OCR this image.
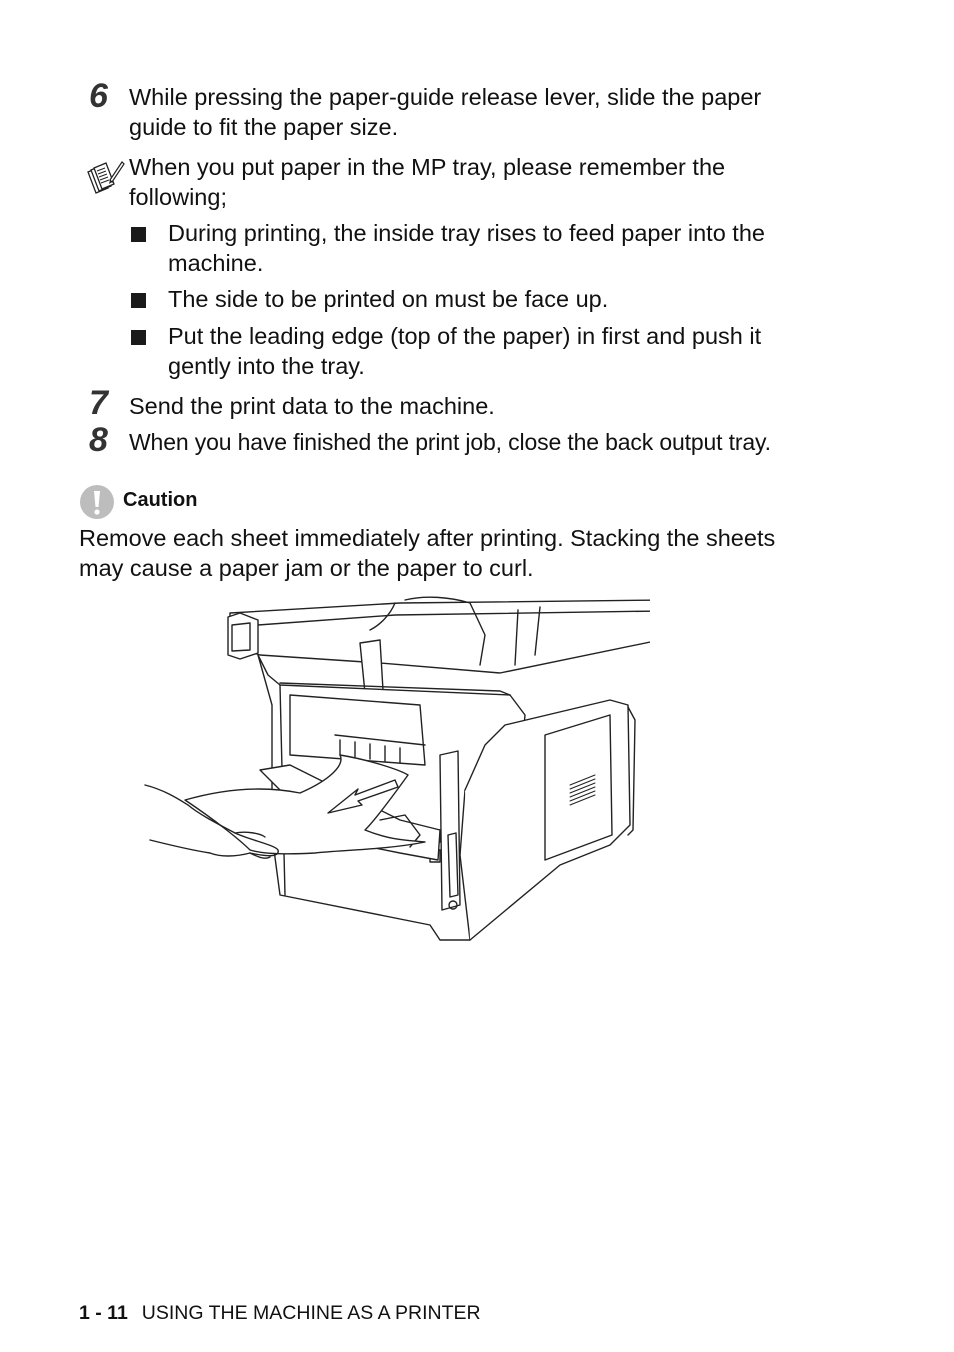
6 While pressing the paper-guide release lever, slide the paper
guide to fit the paper size.
When you put paper in the MP tray, please remember the
following;
During printing, the inside tray rises to feed paper into the
machine.
The side to be printed on must be face up.
Put the leading edge (top of the paper) in first and push it
gently into the tray.
7 Send the print data to the machine.
8 When you have finished the print job, close the back output tray.
Caution
Remove each sheet immediately after printing. Stacking the sheets
may cause a paper jam or the paper to curl.
1 - 11 USING THE MACHINE AS A PRINTER
